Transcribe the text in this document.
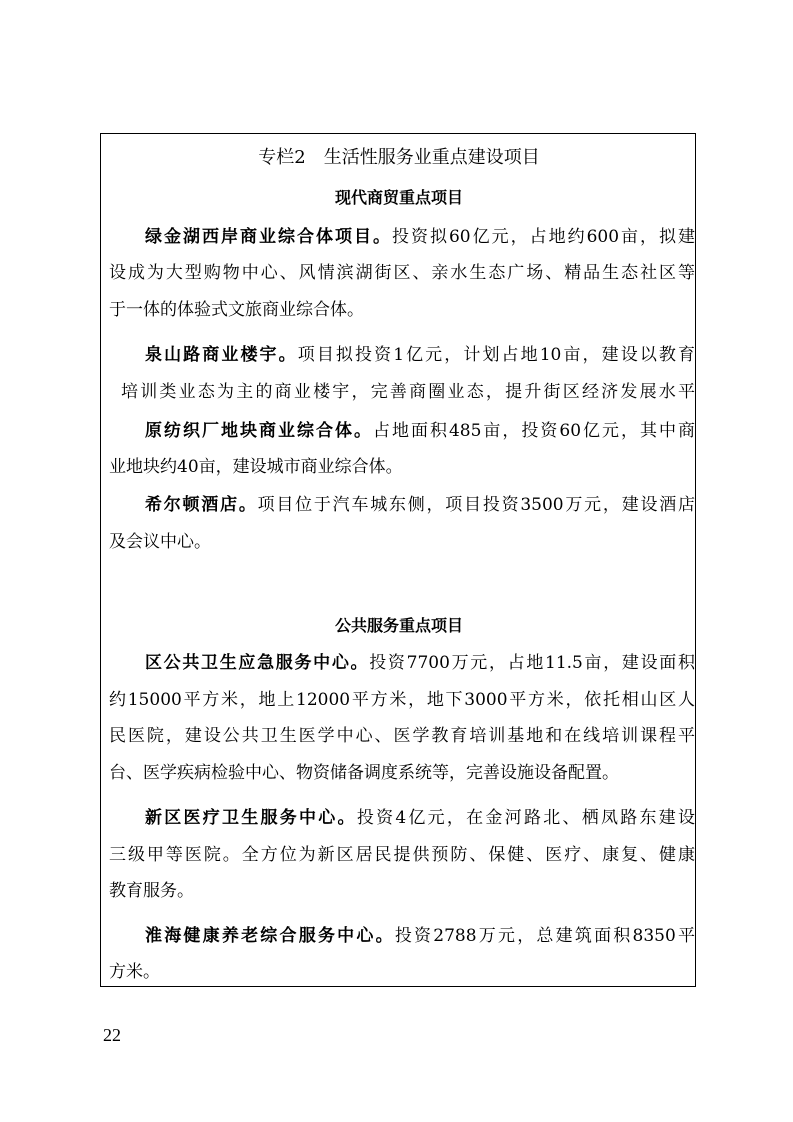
专栏2　生活性服务业重点建设项目

现代商贸重点项目

绿金湖西岸商业综合体项目。投资拟60亿元，占地约600亩，拟建

设成为大型购物中心、风情滨湖街区、亲水生态广场、精品生态社区等

于一体的体验式文旅商业综合体。

泉山路商业楼宇。项目拟投资1亿元，计划占地10亩，建设以教育

培训类业态为主的商业楼宇，完善商圈业态，提升街区经济发展水平

原纺织厂地块商业综合体。占地面积485亩，投资60亿元，其中商

业地块约40亩，建设城市商业综合体。

希尔顿酒店。项目位于汽车城东侧，项目投资3500万元，建设酒店

及会议中心。

公共服务重点项目

区公共卫生应急服务中心。投资7700万元，占地11.5亩，建设面积

约15000平方米，地上12000平方米，地下3000平方米，依托相山区人

民医院，建设公共卫生医学中心、医学教育培训基地和在线培训课程平

台、医学疾病检验中心、物资储备调度系统等，完善设施设备配置。

新区医疗卫生服务中心。投资4亿元，在金河路北、栖凤路东建设

三级甲等医院。全方位为新区居民提供预防、保健、医疗、康复、健康

教育服务。

淮海健康养老综合服务中心。投资2788万元，总建筑面积8350平

方米。

22
